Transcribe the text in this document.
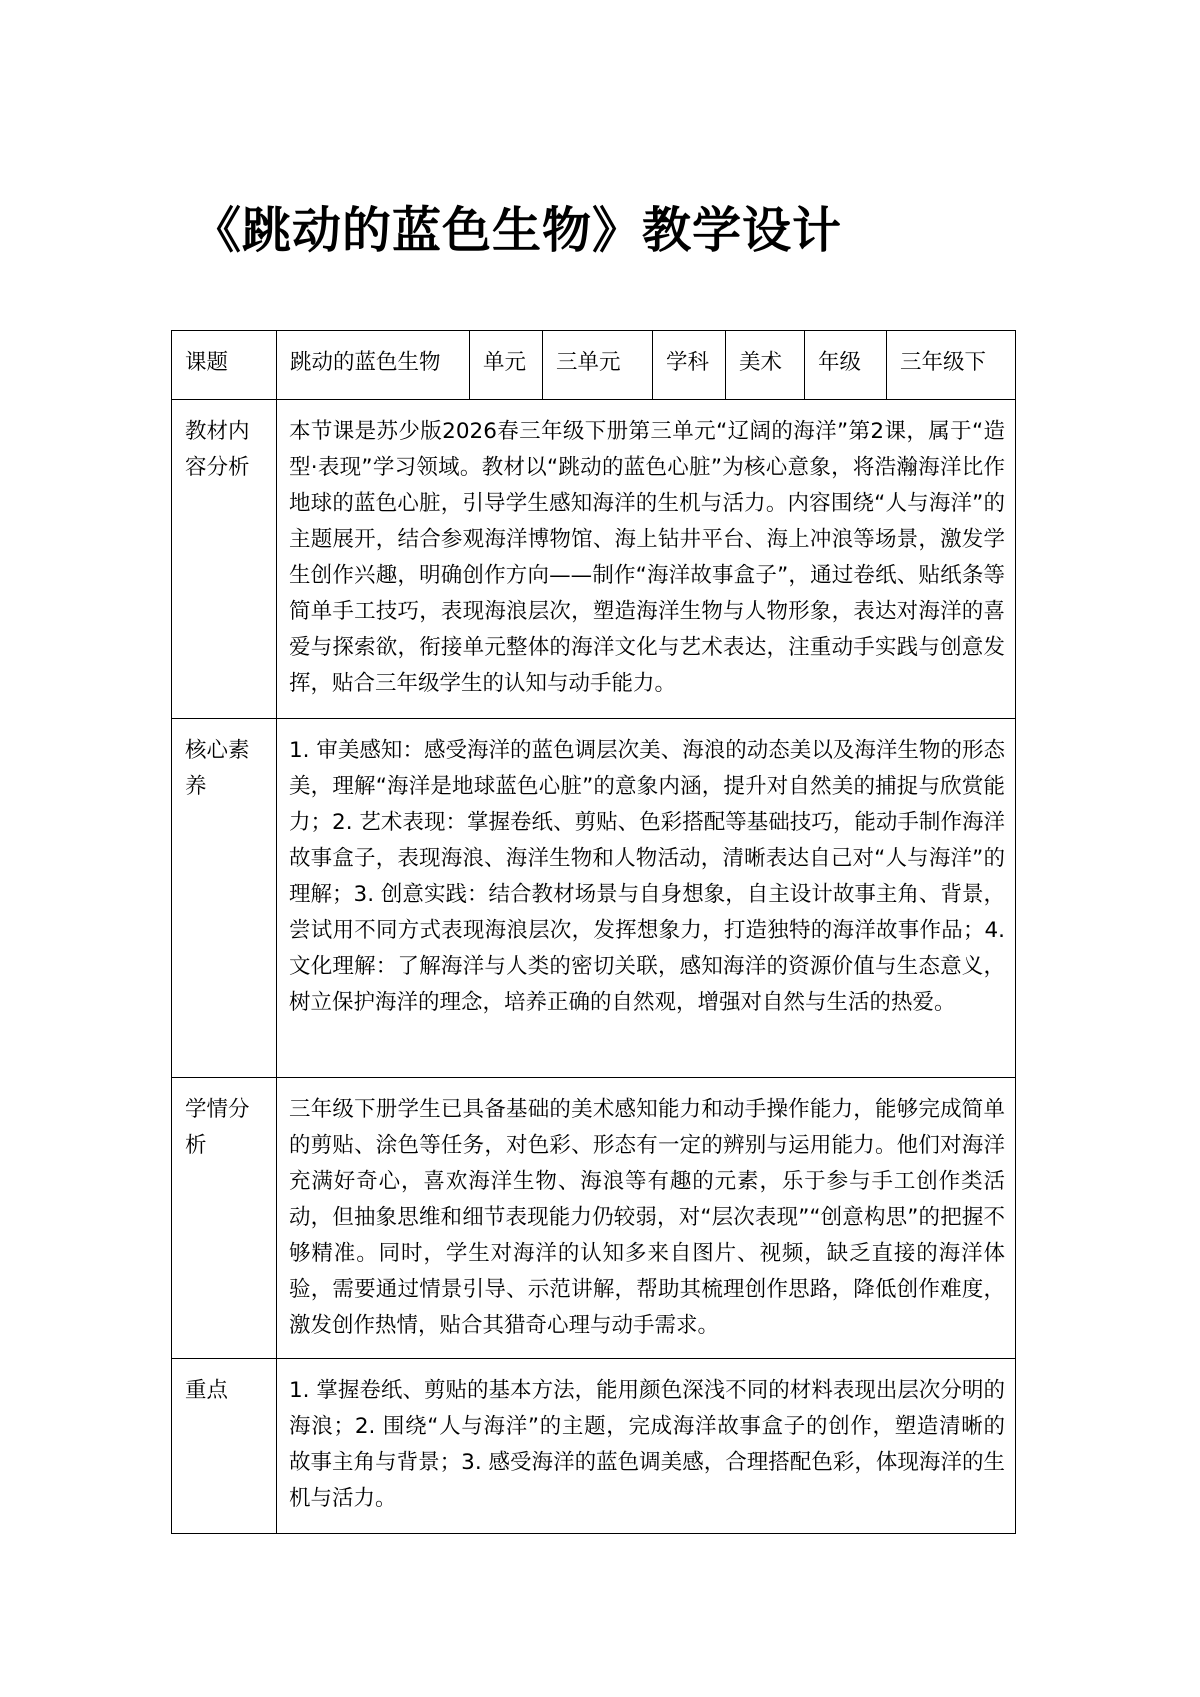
《跳动的蓝色生物》教学设计
课题	跳动的蓝色生物	单元	三单元	学科	美术	年级	三年级下
教材内容分析	本节课是苏少版2026春三年级下册第三单元“辽阔的海洋”第2课，属于“造型·表现”学习领域。教材以“跳动的蓝色心脏”为核心意象，将浩瀚海洋比作地球的蓝色心脏，引导学生感知海洋的生机与活力。内容围绕“人与海洋”的主题展开，结合参观海洋博物馆、海上钻井平台、海上冲浪等场景，激发学生创作兴趣，明确创作方向——制作“海洋故事盒子”，通过卷纸、贴纸条等简单手工技巧，表现海浪层次，塑造海洋生物与人物形象，表达对海洋的喜爱与探索欲，衔接单元整体的海洋文化与艺术表达，注重动手实践与创意发挥，贴合三年级学生的认知与动手能力。						
核心素养	1. 审美感知：感受海洋的蓝色调层次美、海浪的动态美以及海洋生物的形态美，理解“海洋是地球蓝色心脏”的意象内涵，提升对自然美的捕捉与欣赏能力；2. 艺术表现：掌握卷纸、剪贴、色彩搭配等基础技巧，能动手制作海洋故事盒子，表现海浪、海洋生物和人物活动，清晰表达自己对“人与海洋”的理解；3. 创意实践：结合教材场景与自身想象，自主设计故事主角、背景，尝试用不同方式表现海浪层次，发挥想象力，打造独特的海洋故事作品；4. 文化理解：了解海洋与人类的密切关联，感知海洋的资源价值与生态意义，树立保护海洋的理念，培养正确的自然观，增强对自然与生活的热爱。						
学情分析	三年级下册学生已具备基础的美术感知能力和动手操作能力，能够完成简单的剪贴、涂色等任务，对色彩、形态有一定的辨别与运用能力。他们对海洋充满好奇心，喜欢海洋生物、海浪等有趣的元素，乐于参与手工创作类活动，但抽象思维和细节表现能力仍较弱，对“层次表现”“创意构思”的把握不够精准。同时，学生对海洋的认知多来自图片、视频，缺乏直接的海洋体验，需要通过情景引导、示范讲解，帮助其梳理创作思路，降低创作难度，激发创作热情，贴合其猎奇心理与动手需求。						
重点	1. 掌握卷纸、剪贴的基本方法，能用颜色深浅不同的材料表现出层次分明的海浪；2. 围绕“人与海洋”的主题，完成海洋故事盒子的创作，塑造清晰的故事主角与背景；3. 感受海洋的蓝色调美感，合理搭配色彩，体现海洋的生机与活力。						
